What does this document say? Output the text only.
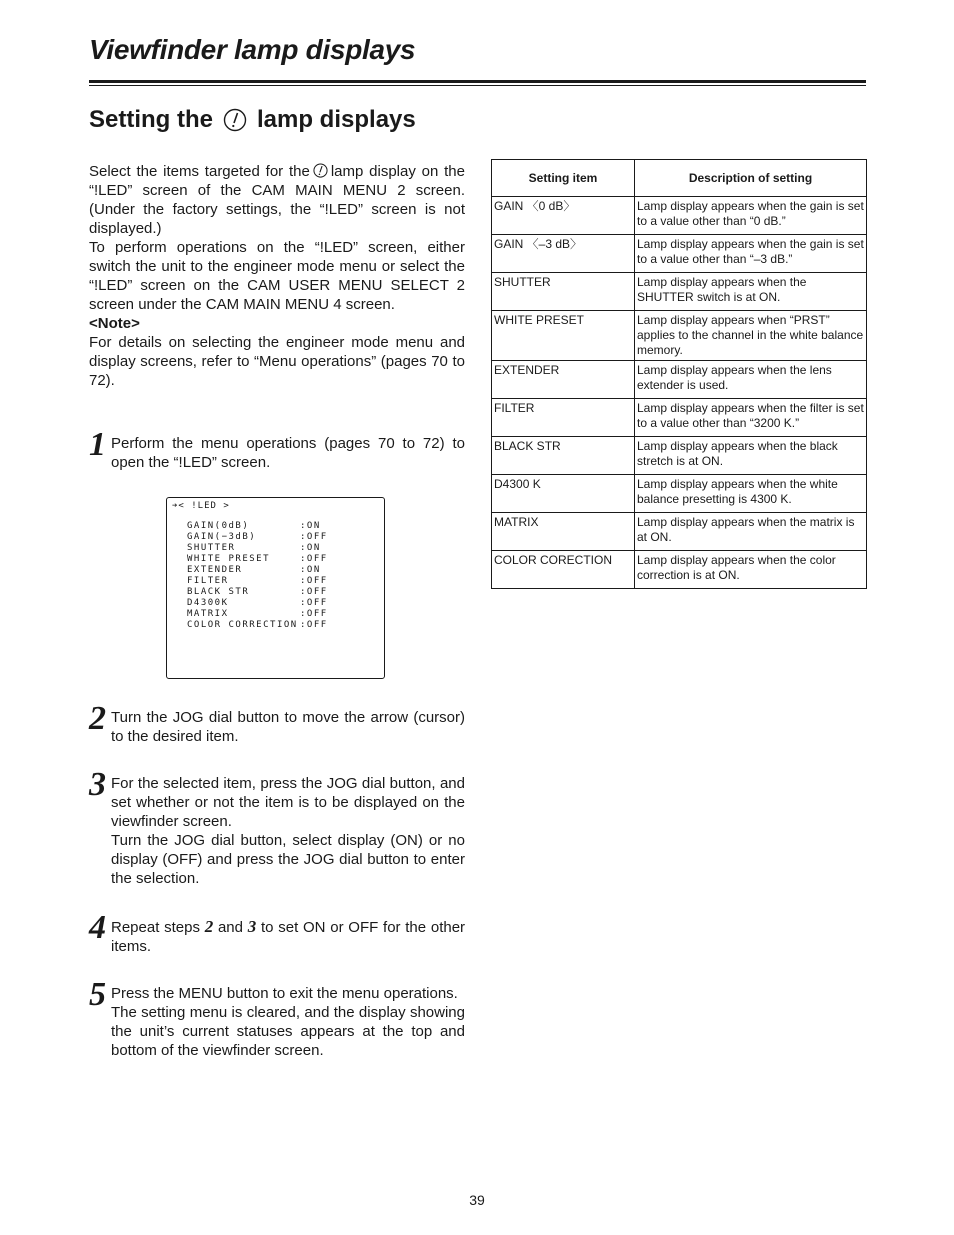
Viewfinder lamp displays
Setting the lamp displays

Select the items targeted for the lamp display on the “!LED” screen of the CAM MAIN MENU 2 screen. (Under the factory settings, the “!LED” screen is not displayed.)

To perform operations on the “!LED” screen, either switch the unit to the engineer mode menu or select the “!LED” screen on the CAM USER MENU SELECT 2 screen under the CAM MAIN MENU 4 screen.

<Note>

For details on selecting the engineer mode menu and display screens, refer to “Menu operations” (pages 70 to 72).

1 Perform the menu operations (pages 70 to 72) to open the “!LED” screen.

➔< !LED >
GAIN(0dB)	:ON
GAIN(−3dB)	:OFF
SHUTTER	:ON
WHITE PRESET	:OFF
EXTENDER	:ON
FILTER	:OFF
BLACK STR	:OFF
D4300K	:OFF
MATRIX	:OFF
COLOR CORRECTION :OFF
2 Turn the JOG dial button to move the arrow (cursor) to the desired item.

3 For the selected item, press the JOG dial button, and set whether or not the item is to be displayed on the viewfinder screen.

Turn the JOG dial button, select display (ON) or no display (OFF) and press the JOG dial button to enter the selection.

4 Repeat steps 2 and 3 to set ON or OFF for the other items.

5 Press the MENU button to exit the menu operations.

The setting menu is cleared, and the display showing the unit’s current statuses appears at the top and bottom of the viewfinder screen.

Setting item	Description of setting
GAIN 〈0 dB〉	Lamp display appears when the gain is set to a value other than “0 dB.”
GAIN 〈–3 dB〉	Lamp display appears when the gain is set to a value other than “–3 dB.”
SHUTTER	Lamp display appears when the SHUTTER switch is at ON.
WHITE PRESET	Lamp display appears when “PRST” applies to the channel in the white balance memory.
EXTENDER	Lamp display appears when the lens extender is used.
FILTER	Lamp display appears when the filter is set to a value other than “3200 K.”
BLACK STR	Lamp display appears when the black stretch is at ON.
D4300 K	Lamp display appears when the white balance presetting is 4300 K.
MATRIX	Lamp display appears when the matrix is at ON.
COLOR CORECTION	Lamp display appears when the color correction is at ON.
39
